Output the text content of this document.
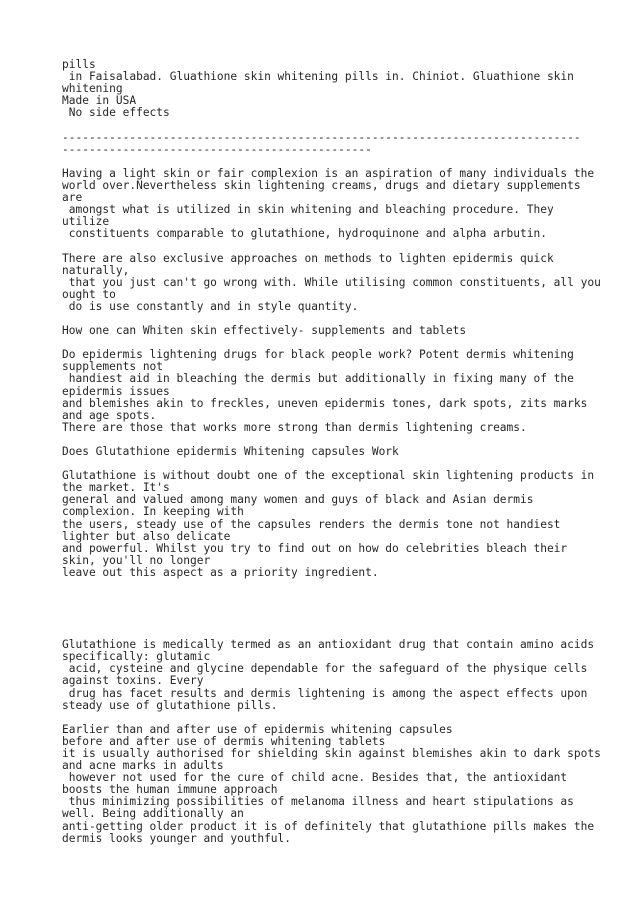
pills
in Faisalabad. Gluathione skin whitening pills in. Chiniot. Gluathione skin
whitening
Made in USA
No side effects
-----------------------------------------------------------------------------
----------------------------------------------
Having a light skin or fair complexion is an aspiration of many individuals the
world over.Nevertheless skin lightening creams, drugs and dietary supplements
are
amongst what is utilized in skin whitening and bleaching procedure. They
utilize
constituents comparable to glutathione, hydroquinone and alpha arbutin.
There are also exclusive approaches on methods to lighten epidermis quick
naturally,
that you just can't go wrong with. While utilising common constituents, all you
ought to
do is use constantly and in style quantity.
How one can Whiten skin effectively- supplements and tablets
Do epidermis lightening drugs for black people work? Potent dermis whitening
supplements not
handiest aid in bleaching the dermis but additionally in fixing many of the
epidermis issues
and blemishes akin to freckles, uneven epidermis tones, dark spots, zits marks
and age spots.
There are those that works more strong than dermis lightening creams.
Does Glutathione epidermis Whitening capsules Work
Glutathione is without doubt one of the exceptional skin lightening products in
the market. It's
general and valued among many women and guys of black and Asian dermis
complexion. In keeping with
the users, steady use of the capsules renders the dermis tone not handiest
lighter but also delicate
and powerful. Whilst you try to find out on how do celebrities bleach their
skin, you'll no longer
leave out this aspect as a priority ingredient.
Glutathione is medically termed as an antioxidant drug that contain amino acids
specifically: glutamic
acid, cysteine and glycine dependable for the safeguard of the physique cells
against toxins. Every
drug has facet results and dermis lightening is among the aspect effects upon
steady use of glutathione pills.
Earlier than and after use of epidermis whitening capsules
before and after use of dermis whitening tablets
it is usually authorised for shielding skin against blemishes akin to dark spots
and acne marks in adults
however not used for the cure of child acne. Besides that, the antioxidant
boosts the human immune approach
thus minimizing possibilities of melanoma illness and heart stipulations as
well. Being additionally an
anti-getting older product it is of definitely that glutathione pills makes the
dermis looks younger and youthful.
